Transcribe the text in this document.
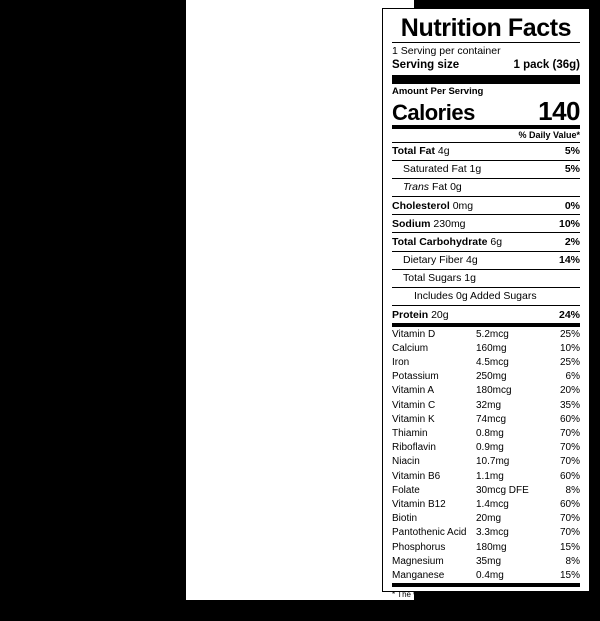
Nutrition Facts
1 Serving per container
Serving size	1 pack (36g)
Amount Per Serving
Calories 140
% Daily Value*
Total Fat 4g	5%
Saturated Fat 1g	5%
Trans Fat 0g
Cholesterol 0mg	0%
Sodium 230mg	10%
Total Carbohydrate 6g	2%
Dietary Fiber 4g	14%
Total Sugars 1g
Includes 0g Added Sugars
Protein 20g	24%
Vitamin D	5.2mcg	25%
Calcium	160mg	10%
Iron	4.5mcg	25%
Potassium	250mg	6%
Vitamin A	180mcg	20%
Vitamin C	32mg	35%
Vitamin K	74mcg	60%
Thiamin	0.8mg	70%
Riboflavin	0.9mg	70%
Niacin	10.7mg	70%
Vitamin B6	1.1mg	60%
Folate	30mcg DFE	8%
Vitamin B12	1.4mcg	60%
Biotin	20mg	70%
Pantothenic Acid 3.3mcg	70%
Phosphorus	180mg	15%
Magnesium	35mg	8%
Manganese	0.4mg	15%

* The % Daily Value tells you how much a nutrient in a serving of food contributes to a daily diet. 2,000 calories a day is used for general nutrition advice.
